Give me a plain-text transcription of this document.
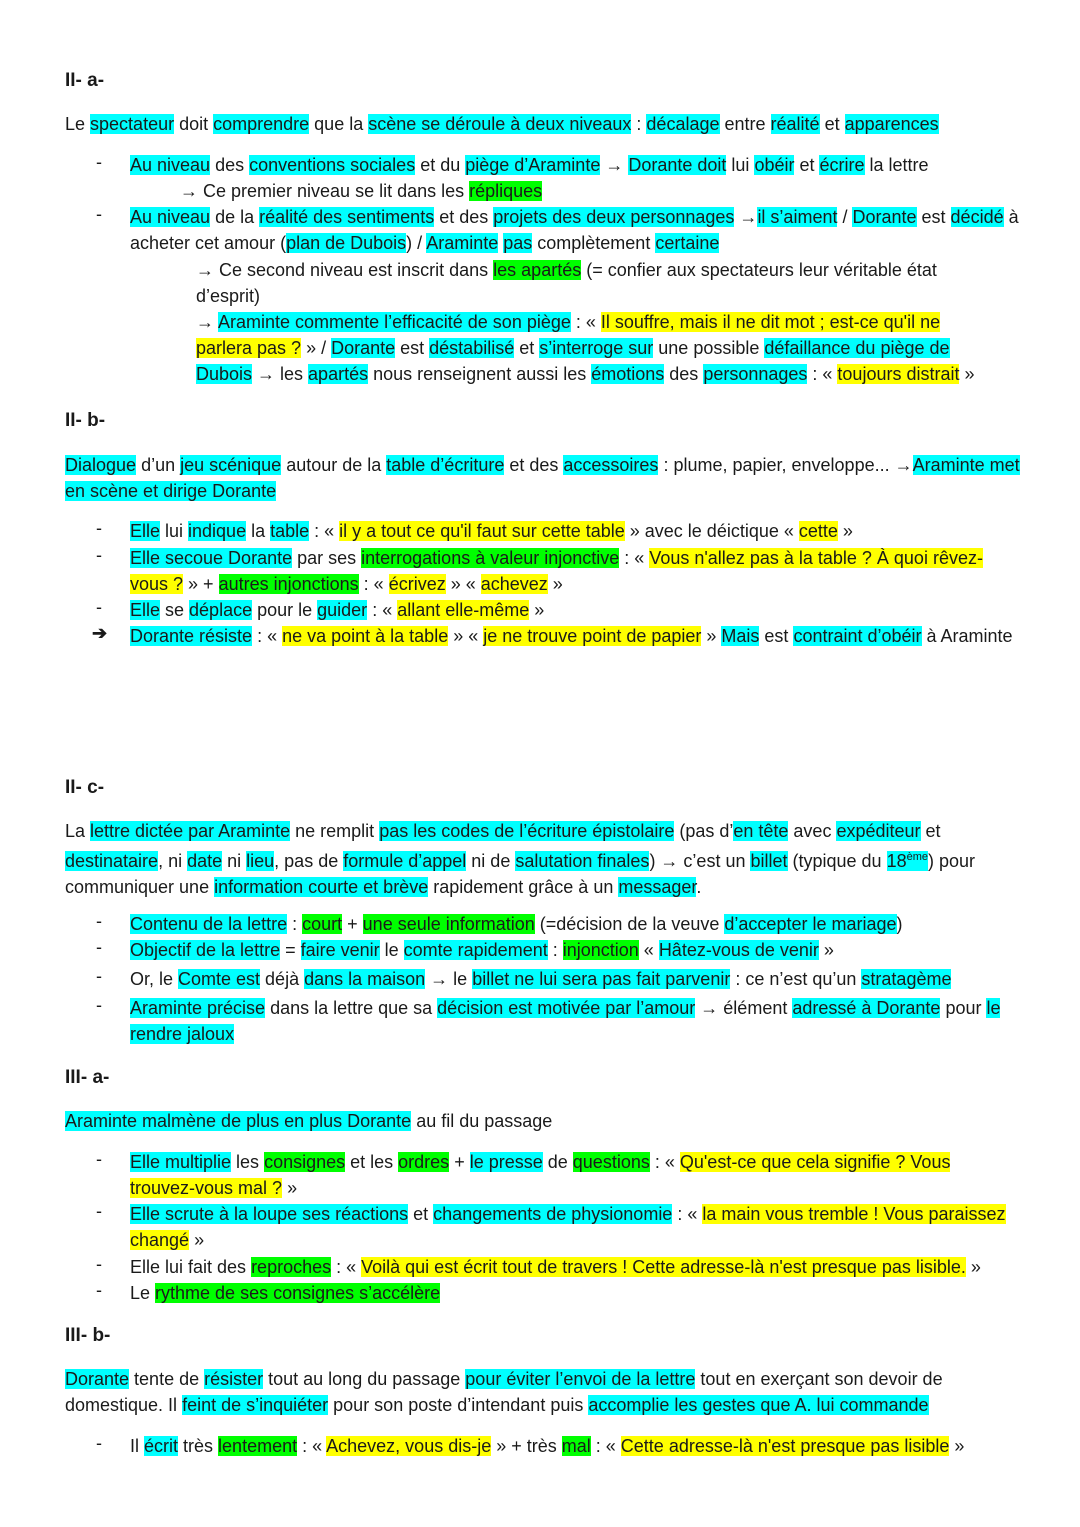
II- a-

Le spectateur doit comprendre que la scène se déroule à deux niveaux : décalage entre réalité et apparences

-	Au niveau des conventions sociales et du piège d’Araminte → Dorante doit lui obéir et écrire la lettre

→ Ce premier niveau se lit dans les répliques

-	Au niveau de la réalité des sentiments et des projets des deux personnages →il s’aiment / Dorante est décidé à acheter cet amour (plan de Dubois) / Araminte pas complètement certaine

→ Ce second niveau est inscrit dans les apartés (= confier aux spectateurs leur véritable état d’esprit)

→ Araminte commente l’efficacité de son piège : « Il souffre, mais il ne dit mot ; est-ce qu'il ne parlera pas ? » / Dorante est déstabilisé et s’interroge sur une possible défaillance du piège de Dubois → les apartés nous renseignent aussi les émotions des personnages : « toujours distrait »

II- b-

Dialogue d’un jeu scénique autour de la table d’écriture et des accessoires : plume, papier, enveloppe... →Araminte met en scène et dirige Dorante

-	Elle lui indique la table : « il y a tout ce qu'il faut sur cette table » avec le déictique « cette »

-	Elle secoue Dorante par ses interrogations à valeur injonctive : « Vous n'allez pas à la table ? À quoi rêvez-vous ? » + autres injonctions : « écrivez » « achevez »

-	Elle se déplace pour le guider : « allant elle-même »

➔ Dorante résiste : « ne va point à la table » « je ne trouve point de papier » Mais est contraint d’obéir à Araminte

II- c-

La lettre dictée par Araminte ne remplit pas les codes de l’écriture épistolaire (pas d’en tête avec expéditeur et destinataire, ni date ni lieu, pas de formule d’appel ni de salutation finales) → c’est un billet (typique du 18ème) pour communiquer une information courte et brève rapidement grâce à un messager.

-	Contenu de la lettre : court + une seule information (=décision de la veuve d’accepter le mariage)

-	Objectif de la lettre = faire venir le comte rapidement : injonction « Hâtez-vous de venir »

-	Or, le Comte est déjà dans la maison → le billet ne lui sera pas fait parvenir : ce n’est qu’un stratagème

-	Araminte précise dans la lettre que sa décision est motivée par l’amour → élément adressé à Dorante pour le rendre jaloux

III- a-

Araminte malmène de plus en plus Dorante au fil du passage

-	Elle multiplie les consignes et les ordres + le presse de questions : « Qu'est-ce que cela signifie ? Vous trouvez-vous mal ? »

-	Elle scrute à la loupe ses réactions et changements de physionomie : « la main vous tremble ! Vous paraissez changé »

-	Elle lui fait des reproches : « Voilà qui est écrit tout de travers ! Cette adresse-là n'est presque pas lisible. »

-	Le rythme de ses consignes s’accélère

III- b-

Dorante tente de résister tout au long du passage pour éviter l’envoi de la lettre tout en exerçant son devoir de domestique. Il feint de s’inquiéter pour son poste d’intendant puis accomplie les gestes que A. lui commande

-	Il écrit très lentement : « Achevez, vous dis-je » + très mal : « Cette adresse-là n'est presque pas lisible »
